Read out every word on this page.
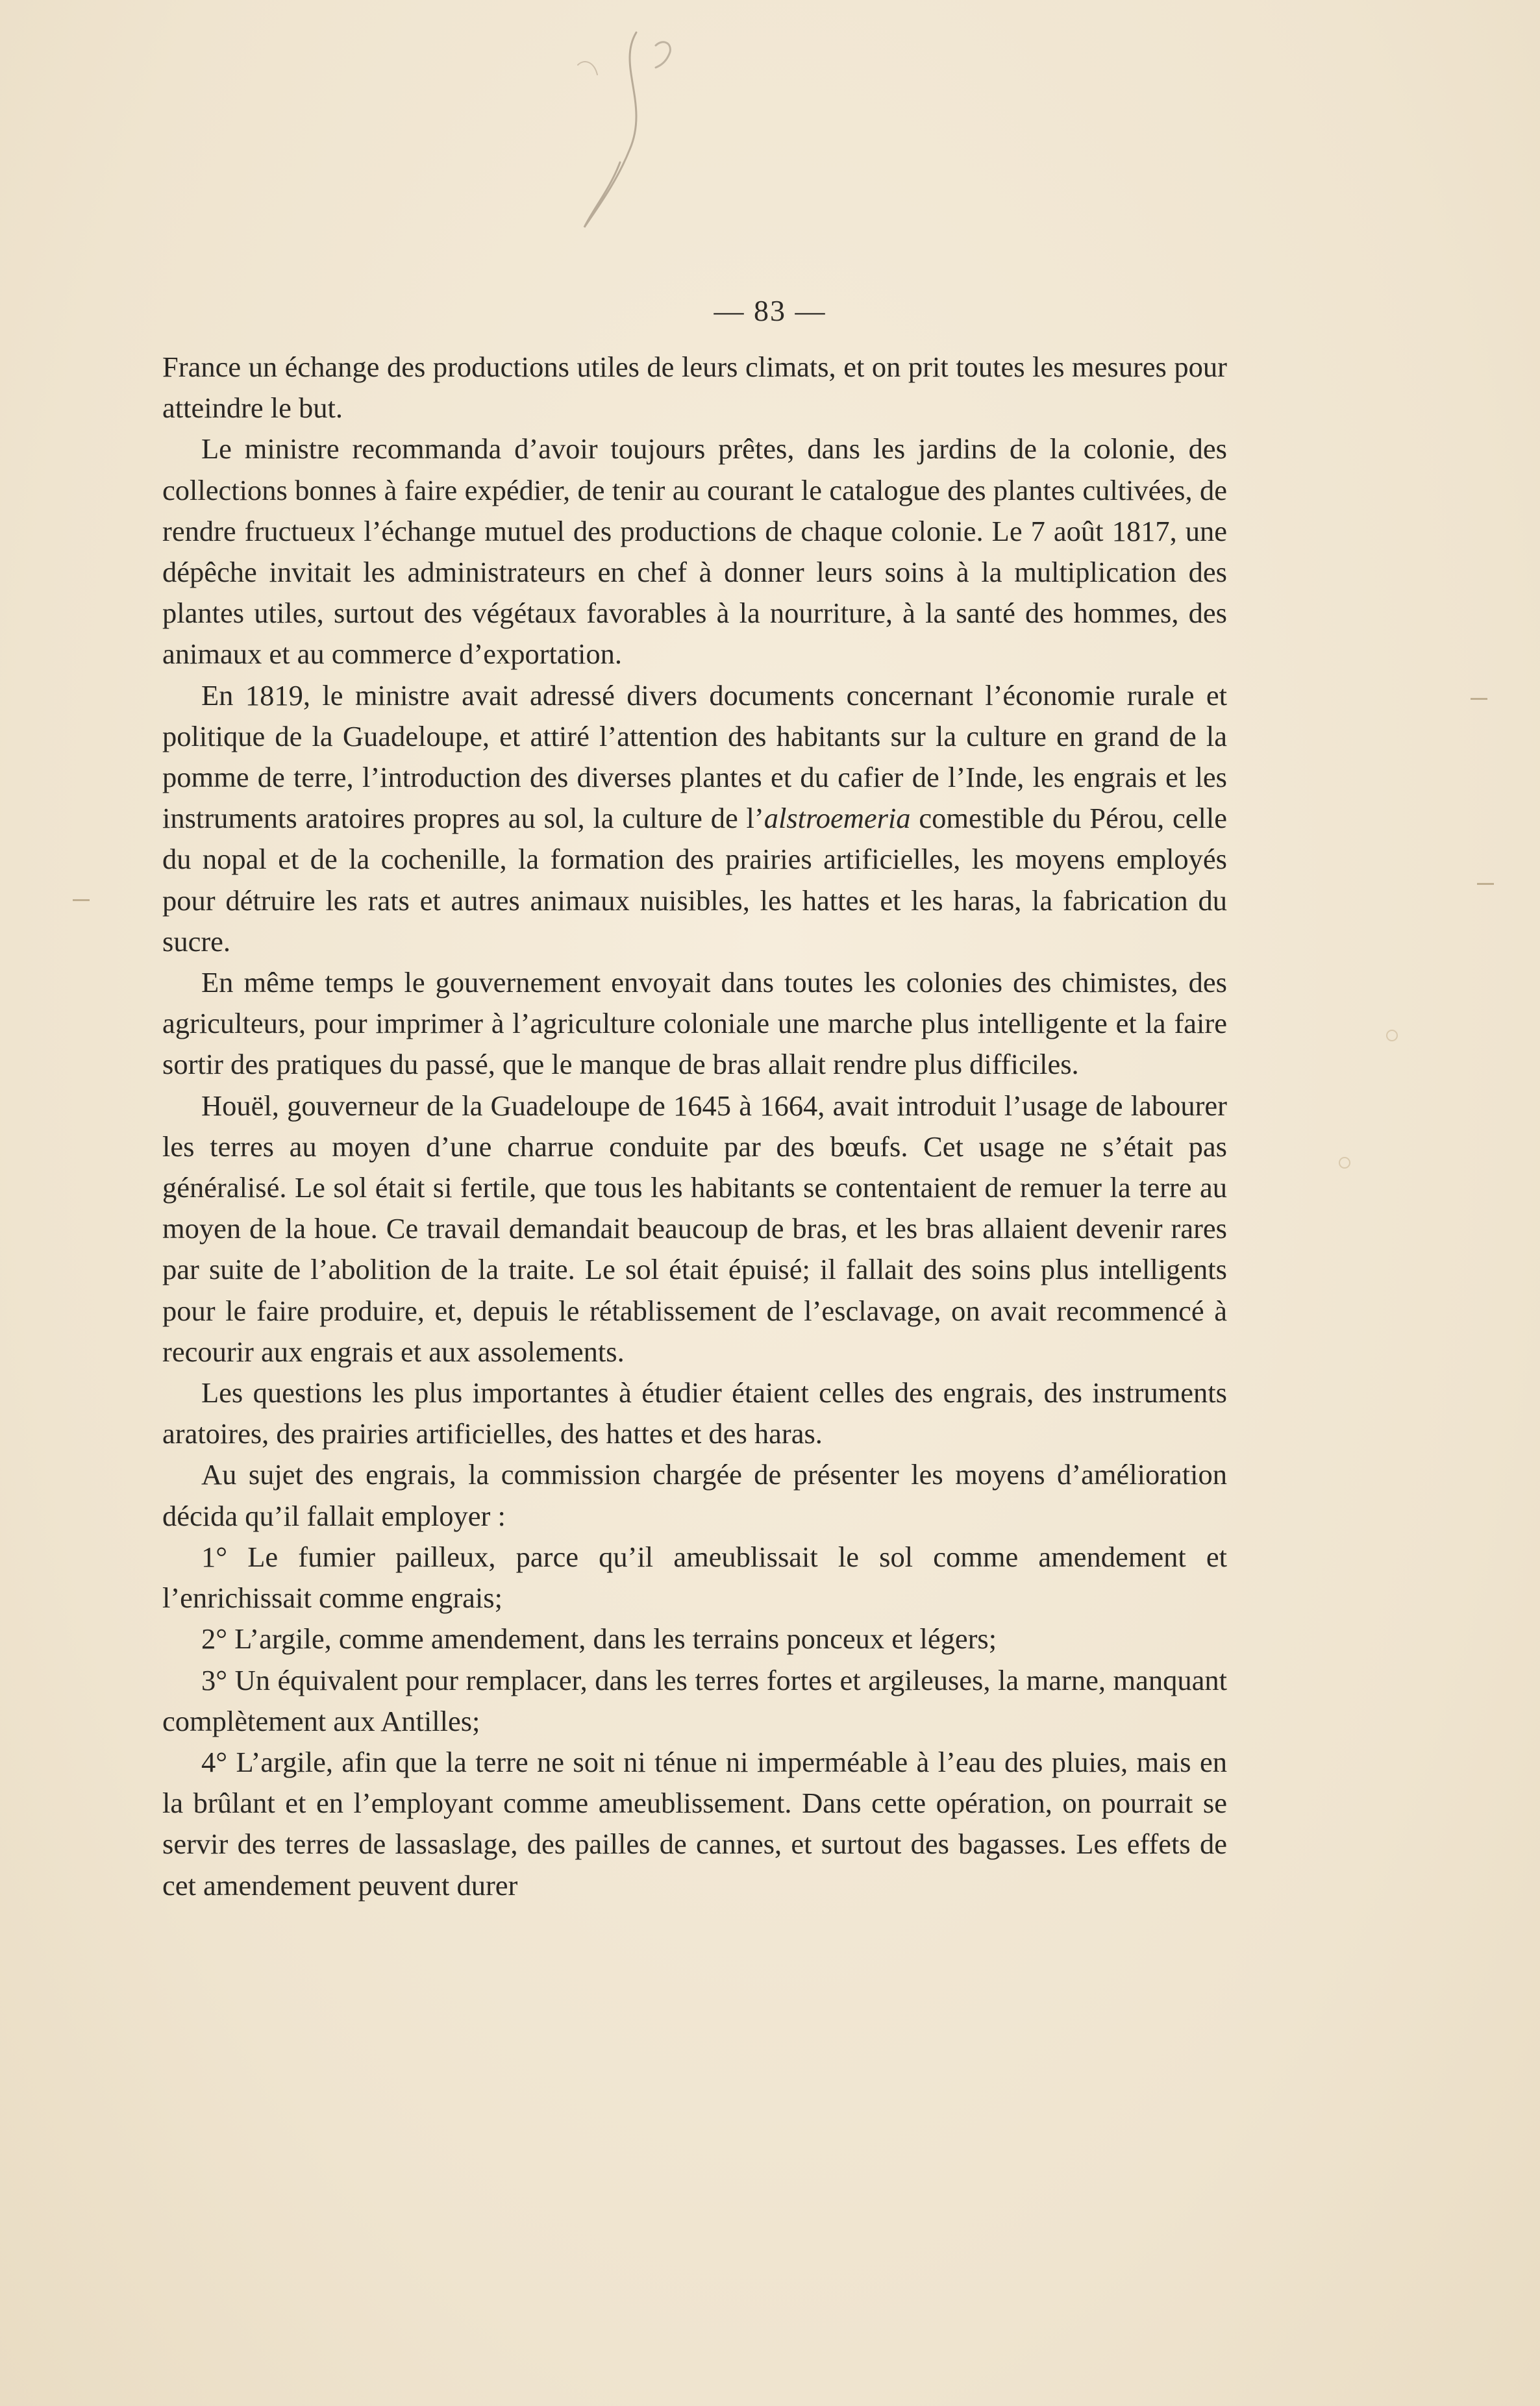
— 83 —

France un échange des productions utiles de leurs climats, et on prit toutes les mesures pour atteindre le but.

Le ministre recommanda d’avoir toujours prêtes, dans les jardins de la colonie, des collections bonnes à faire expédier, de tenir au courant le catalogue des plantes cultivées, de rendre fructueux l’échange mutuel des productions de chaque colonie. Le 7 août 1817, une dépêche invitait les administrateurs en chef à donner leurs soins à la multiplication des plantes utiles, surtout des végétaux favorables à la nourriture, à la santé des hommes, des animaux et au commerce d’exportation.

En 1819, le ministre avait adressé divers documents concernant l’économie rurale et politique de la Guadeloupe, et attiré l’attention des habitants sur la culture en grand de la pomme de terre, l’introduction des diverses plantes et du cafier de l’Inde, les engrais et les instruments aratoires propres au sol, la culture de l’alstroemeria comestible du Pérou, celle du nopal et de la cochenille, la formation des prairies artificielles, les moyens employés pour détruire les rats et autres animaux nuisibles, les hattes et les haras, la fabrication du sucre.

En même temps le gouvernement envoyait dans toutes les colonies des chimistes, des agriculteurs, pour imprimer à l’agriculture coloniale une marche plus intelligente et la faire sortir des pratiques du passé, que le manque de bras allait rendre plus difficiles.

Houël, gouverneur de la Guadeloupe de 1645 à 1664, avait introduit l’usage de labourer les terres au moyen d’une charrue conduite par des bœufs. Cet usage ne s’était pas généralisé. Le sol était si fertile, que tous les habitants se contentaient de remuer la terre au moyen de la houe. Ce travail demandait beaucoup de bras, et les bras allaient devenir rares par suite de l’abolition de la traite. Le sol était épuisé; il fallait des soins plus intelligents pour le faire produire, et, depuis le rétablissement de l’esclavage, on avait recommencé à recourir aux engrais et aux assolements.

Les questions les plus importantes à étudier étaient celles des engrais, des instruments aratoires, des prairies artificielles, des hattes et des haras.

Au sujet des engrais, la commission chargée de présenter les moyens d’amélioration décida qu’il fallait employer :

1° Le fumier pailleux, parce qu’il ameublissait le sol comme amendement et l’enrichissait comme engrais;

2° L’argile, comme amendement, dans les terrains ponceux et légers;

3° Un équivalent pour remplacer, dans les terres fortes et argileuses, la marne, manquant complètement aux Antilles;

4° L’argile, afin que la terre ne soit ni ténue ni imperméable à l’eau des pluies, mais en la brûlant et en l’employant comme ameublissement. Dans cette opération, on pourrait se servir des terres de lassaslage, des pailles de cannes, et surtout des bagasses. Les effets de cet amendement peuvent durer
